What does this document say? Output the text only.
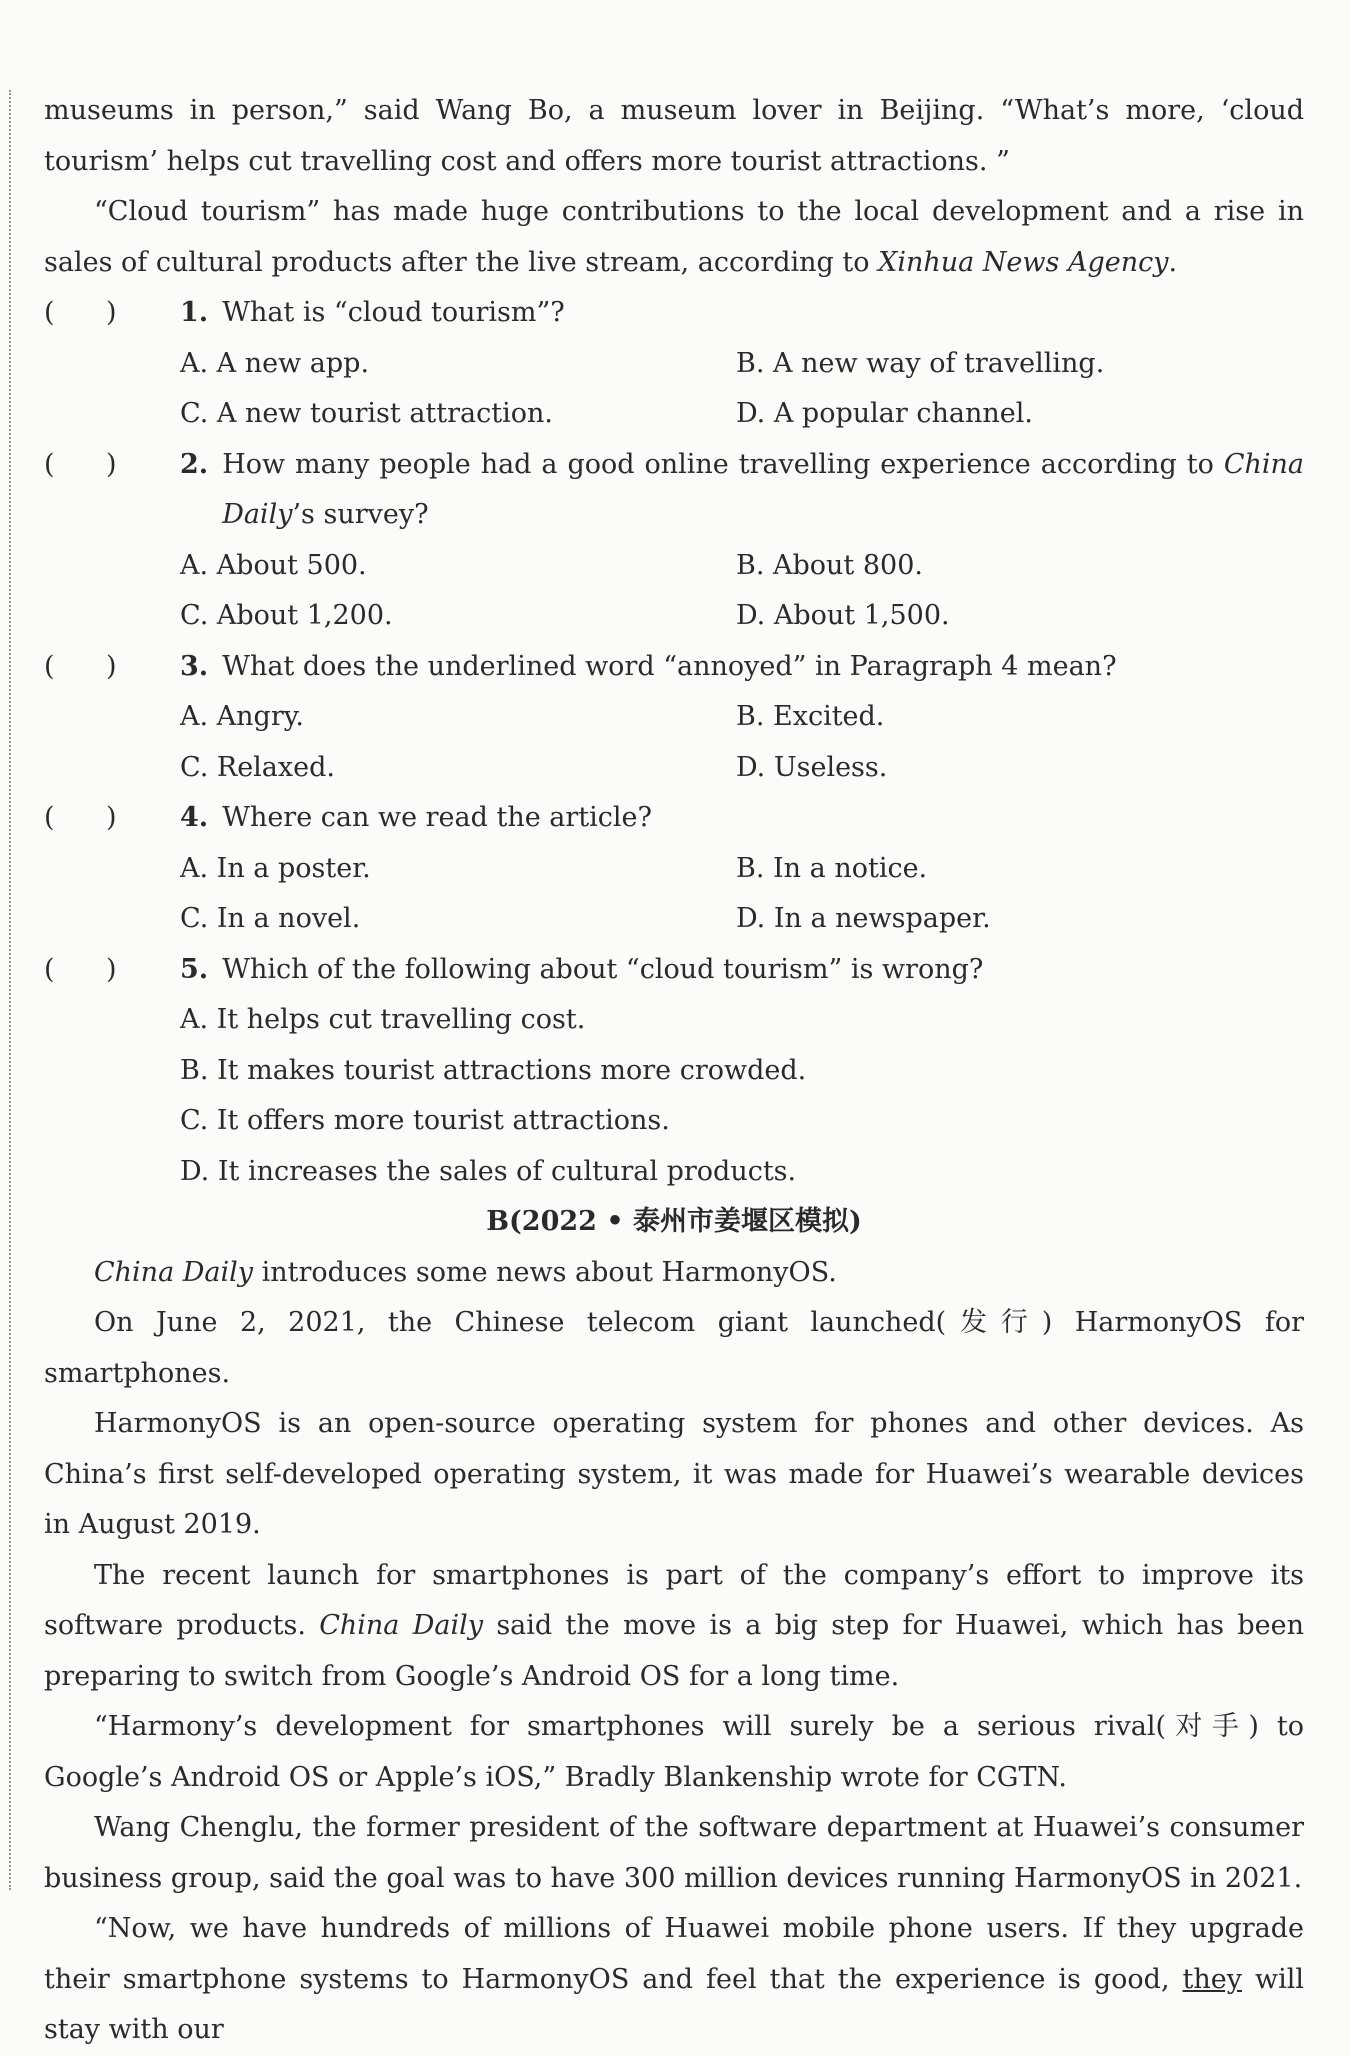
museums in person,” said Wang Bo, a museum lover in Beijing. “What’s more, ‘cloud tourism’ helps cut travelling cost and offers more tourist attractions. ”
“Cloud tourism” has made huge contributions to the local development and a rise in sales of cultural products after the live stream, according to Xinhua News Agency.
(      )	1. What is “cloud tourism”?
A. A new app.	B. A new way of travelling.
C. A new tourist attraction.	D. A popular channel.
(      )	2. How many people had a good online travelling experience according to China Daily’s survey?
A. About 500.	B. About 800.
C. About 1,200.	D. About 1,500.
(      )	3. What does the underlined word “annoyed” in Paragraph 4 mean?
A. Angry.	B. Excited.
C. Relaxed.	D. Useless.
(      )	4. Where can we read the article?
A. In a poster.	B. In a notice.
C. In a novel.	D. In a newspaper.
(      )	5. Which of the following about “cloud tourism” is wrong?
A. It helps cut travelling cost.
B. It makes tourist attractions more crowded.
C. It offers more tourist attractions.
D. It increases the sales of cultural products.
B(2022 • 泰州市姜堰区模拟)
China Daily introduces some news about HarmonyOS.
On June 2, 2021, the Chinese telecom giant launched(发行) HarmonyOS for smartphones.
HarmonyOS is an open-source operating system for phones and other devices. As China’s first self-developed operating system, it was made for Huawei’s wearable devices in August 2019.
The recent launch for smartphones is part of the company’s effort to improve its software products. China Daily said the move is a big step for Huawei, which has been preparing to switch from Google’s Android OS for a long time.
“Harmony’s development for smartphones will surely be a serious rival(对手) to Google’s Android OS or Apple’s iOS,” Bradly Blankenship wrote for CGTN.
Wang Chenglu, the former president of the software department at Huawei’s consumer business group, said the goal was to have 300 million devices running HarmonyOS in 2021.
“Now, we have hundreds of millions of Huawei mobile phone users. If they upgrade their smartphone systems to HarmonyOS and feel that the experience is good, they will stay with our
